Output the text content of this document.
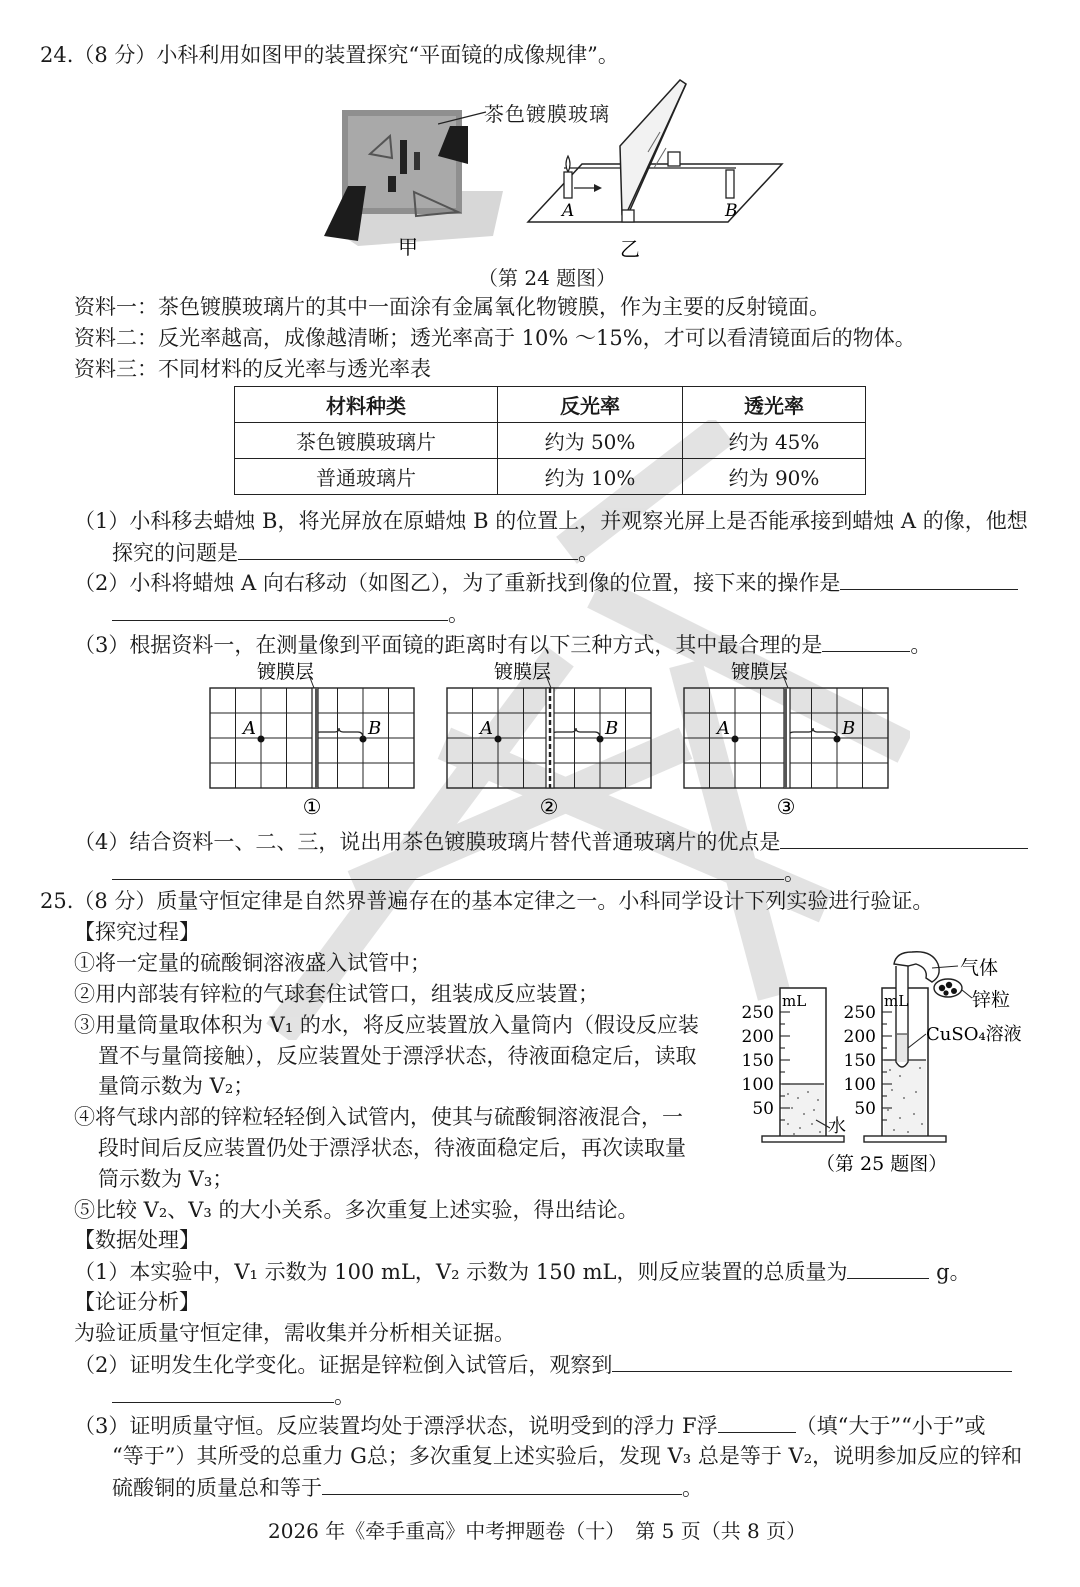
24.（8 分）小科利用如图甲的装置探究“平面镜的成像规律”。
甲
A	B
乙
茶色镀膜玻璃
（第 24 题图）
资料一：茶色镀膜玻璃片的其中一面涂有金属氧化物镀膜，作为主要的反射镜面。
资料二：反光率越高，成像越清晰；透光率高于 10% ～15%，才可以看清镜面后的物体。
资料三：不同材料的反光率与透光率表
材料种类	反光率	透光率
茶色镀膜玻璃片	约为 50%	约为 45%
普通玻璃片	约为 10%	约为 90%
（1）小科移去蜡烛 B，将光屏放在原蜡烛 B 的位置上，并观察光屏上是否能承接到蜡烛 A 的像，他想
探究的问题是	。
（2）小科将蜡烛 A 向右移动（如图乙），为了重新找到像的位置，接下来的操作是
。
（3）根据资料一，在测量像到平面镜的距离时有以下三种方式，其中最合理的是	。
镀膜层	镀膜层	镀膜层
A	B	A	B	A	B
①	②	③
（4）结合资料一、二、三，说出用茶色镀膜玻璃片替代普通玻璃片的优点是
。
25.（8 分）质量守恒定律是自然界普遍存在的基本定律之一。小科同学设计下列实验进行验证。
【探究过程】
①将一定量的硫酸铜溶液盛入试管中；
②用内部装有锌粒的气球套住试管口，组装成反应装置；
③用量筒量取体积为 V₁ 的水，将反应装置放入量筒内（假设反应装
置不与量筒接触），反应装置处于漂浮状态，待液面稳定后，读取
量筒示数为 V₂；
④将气球内部的锌粒轻轻倒入试管内，使其与硫酸铜溶液混合，一
段时间后反应装置仍处于漂浮状态，待液面稳定后，再次读取量
筒示数为 V₃；
⑤比较 V₂、V₃ 的大小关系。多次重复上述实验，得出结论。
250
200
150
100
50
250
200
150
100
50
mL	mL
气体
锌粒
CuSO₄溶液
水
（第 25 题图）
【数据处理】
（1）本实验中，V₁ 示数为 100 mL，V₂ 示数为 150 mL，则反应装置的总质量为	g。
【论证分析】
为验证质量守恒定律，需收集并分析相关证据。
（2）证明发生化学变化。证据是锌粒倒入试管后，观察到
。
（3）证明质量守恒。反应装置均处于漂浮状态，说明受到的浮力 F浮	（填“大于”“小于”或
“等于”）其所受的总重力 G总；多次重复上述实验后，发现 V₃ 总是等于 V₂，说明参加反应的锌和
硫酸铜的质量总和等于	。
2026 年《牵手重高》中考押题卷（十）　第 5 页（共 8 页）
